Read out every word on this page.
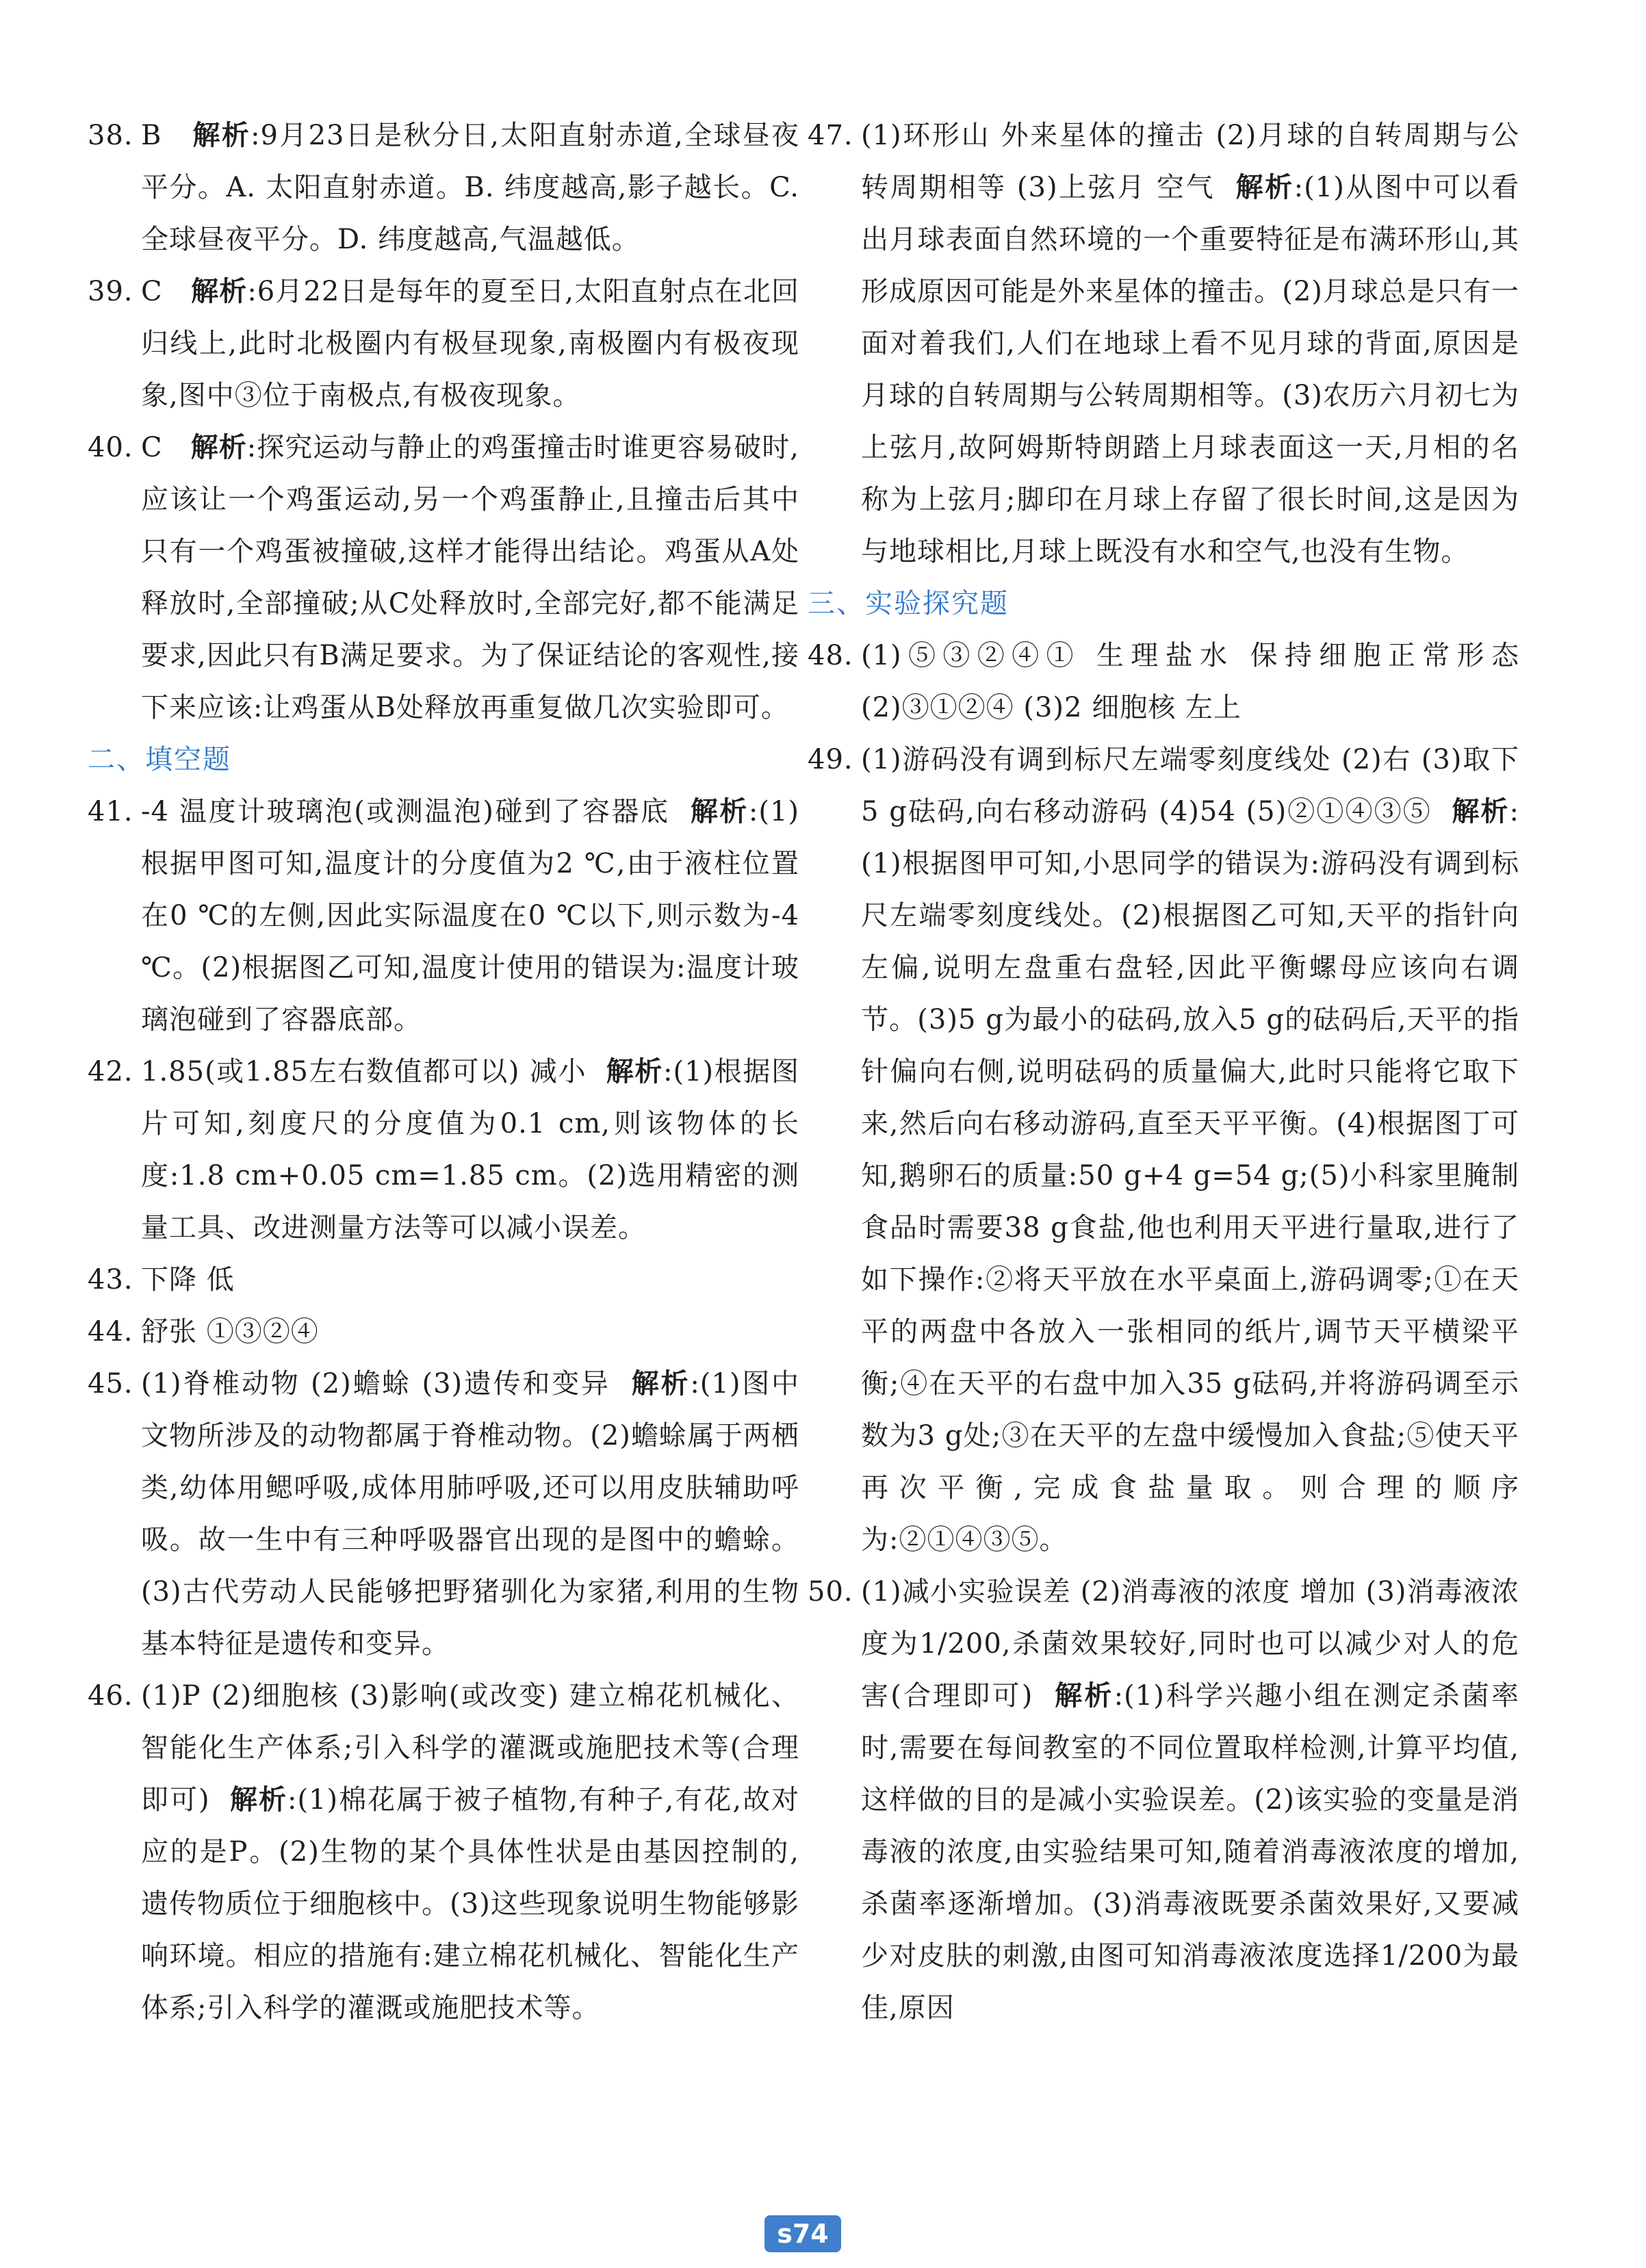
38. B 解析:9月23日是秋分日,太阳直射赤道,全球昼夜平分。A. 太阳直射赤道。B. 纬度越高,影子越长。C. 全球昼夜平分。D. 纬度越高,气温越低。
39. C 解析:6月22日是每年的夏至日,太阳直射点在北回归线上,此时北极圈内有极昼现象,南极圈内有极夜现象,图中③位于南极点,有极夜现象。
40. C 解析:探究运动与静止的鸡蛋撞击时谁更容易破时,应该让一个鸡蛋运动,另一个鸡蛋静止,且撞击后其中只有一个鸡蛋被撞破,这样才能得出结论。鸡蛋从A处释放时,全部撞破;从C处释放时,全部完好,都不能满足要求,因此只有B满足要求。为了保证结论的客观性,接下来应该:让鸡蛋从B处释放再重复做几次实验即可。
二、填空题
41. -4 温度计玻璃泡(或测温泡)碰到了容器底 解析:(1)根据甲图可知,温度计的分度值为2 ℃,由于液柱位置在0 ℃的左侧,因此实际温度在0 ℃以下,则示数为-4 ℃。(2)根据图乙可知,温度计使用的错误为:温度计玻璃泡碰到了容器底部。
42. 1.85(或1.85左右数值都可以) 减小 解析:(1)根据图片可知,刻度尺的分度值为0.1 cm,则该物体的长度:1.8 cm+0.05 cm=1.85 cm。(2)选用精密的测量工具、改进测量方法等可以减小误差。
43. 下降 低
44. 舒张 ①③②④
45. (1)脊椎动物 (2)蟾蜍 (3)遗传和变异 解析:(1)图中文物所涉及的动物都属于脊椎动物。(2)蟾蜍属于两栖类,幼体用鳃呼吸,成体用肺呼吸,还可以用皮肤辅助呼吸。故一生中有三种呼吸器官出现的是图中的蟾蜍。(3)古代劳动人民能够把野猪驯化为家猪,利用的生物基本特征是遗传和变异。
46. (1)P (2)细胞核 (3)影响(或改变) 建立棉花机械化、智能化生产体系;引入科学的灌溉或施肥技术等(合理即可) 解析:(1)棉花属于被子植物,有种子,有花,故对应的是P。(2)生物的某个具体性状是由基因控制的,遗传物质位于细胞核中。(3)这些现象说明生物能够影响环境。相应的措施有:建立棉花机械化、智能化生产体系;引入科学的灌溉或施肥技术等。
47. (1)环形山 外来星体的撞击 (2)月球的自转周期与公转周期相等 (3)上弦月 空气 解析:(1)从图中可以看出月球表面自然环境的一个重要特征是布满环形山,其形成原因可能是外来星体的撞击。(2)月球总是只有一面对着我们,人们在地球上看不见月球的背面,原因是月球的自转周期与公转周期相等。(3)农历六月初七为上弦月,故阿姆斯特朗踏上月球表面这一天,月相的名称为上弦月;脚印在月球上存留了很长时间,这是因为与地球相比,月球上既没有水和空气,也没有生物。
三、实验探究题
48. (1)⑤③②④① 生理盐水 保持细胞正常形态 (2)③①②④ (3)2 细胞核 左上
49. (1)游码没有调到标尺左端零刻度线处 (2)右 (3)取下5 g砝码,向右移动游码 (4)54 (5)②①④③⑤ 解析:(1)根据图甲可知,小思同学的错误为:游码没有调到标尺左端零刻度线处。(2)根据图乙可知,天平的指针向左偏,说明左盘重右盘轻,因此平衡螺母应该向右调节。(3)5 g为最小的砝码,放入5 g的砝码后,天平的指针偏向右侧,说明砝码的质量偏大,此时只能将它取下来,然后向右移动游码,直至天平平衡。(4)根据图丁可知,鹅卵石的质量:50 g+4 g=54 g;(5)小科家里腌制食品时需要38 g食盐,他也利用天平进行量取,进行了如下操作:②将天平放在水平桌面上,游码调零;①在天平的两盘中各放入一张相同的纸片,调节天平横梁平衡;④在天平的右盘中加入35 g砝码,并将游码调至示数为3 g处;③在天平的左盘中缓慢加入食盐;⑤使天平再次平衡,完成食盐量取。则合理的顺序为:②①④③⑤。
50. (1)减小实验误差 (2)消毒液的浓度 增加 (3)消毒液浓度为1/200,杀菌效果较好,同时也可以减少对人的危害(合理即可) 解析:(1)科学兴趣小组在测定杀菌率时,需要在每间教室的不同位置取样检测,计算平均值,这样做的目的是减小实验误差。(2)该实验的变量是消毒液的浓度,由实验结果可知,随着消毒液浓度的增加,杀菌率逐渐增加。(3)消毒液既要杀菌效果好,又要减少对皮肤的刺激,由图可知消毒液浓度选择1/200为最佳,原因
s74
